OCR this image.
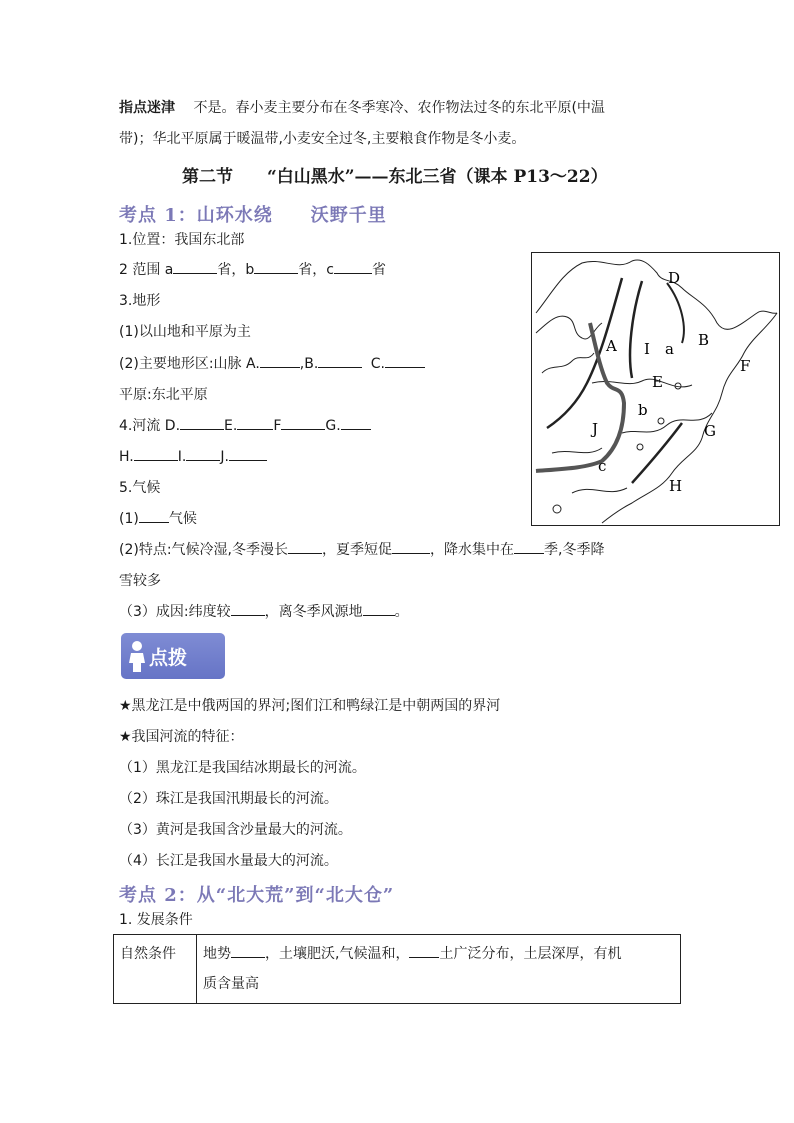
指点迷津 不是。春小麦主要分布在冬季寒冷、农作物法过冬的东北平原(中温
带)；华北平原属于暖温带,小麦安全过冬,主要粮食作物是冬小麦。
第二节　　“白山黑水”——东北三省（课本 P13～22）
考点 1：山环水绕　　沃野千里
1.位置：我国东北部
2 范围 a	省，b	省，c	省
3.地形
(1)以山地和平原为主
(2)主要地形区:山脉 A.	,B.	C.
平原:东北平原
4.河流 D.	E.	F	G.
H.	I. J.
5.气候
(1) 气候
(2)特点:气候冷湿,冬季漫长 ，夏季短促	，降水集中在 季,冬季降
雪较多
（3）成因:纬度较 ，离冬季风源地 。
D
A I a B
F
E
b
J	G
c
H
点拨
★黑龙江是中俄两国的界河;图们江和鸭绿江是中朝两国的界河
★我国河流的特征：
（1）黑龙江是我国结冰期最长的河流。
（2）珠江是我国汛期最长的河流。
（3）黄河是我国含沙量最大的河流。
（4）长江是我国水量最大的河流。
考点 2：从“北大荒”到“北大仓”
1. 发展条件
自然条件	地势 ，土壤肥沃,气候温和， 土广泛分布，土层深厚，有机
质含量高
